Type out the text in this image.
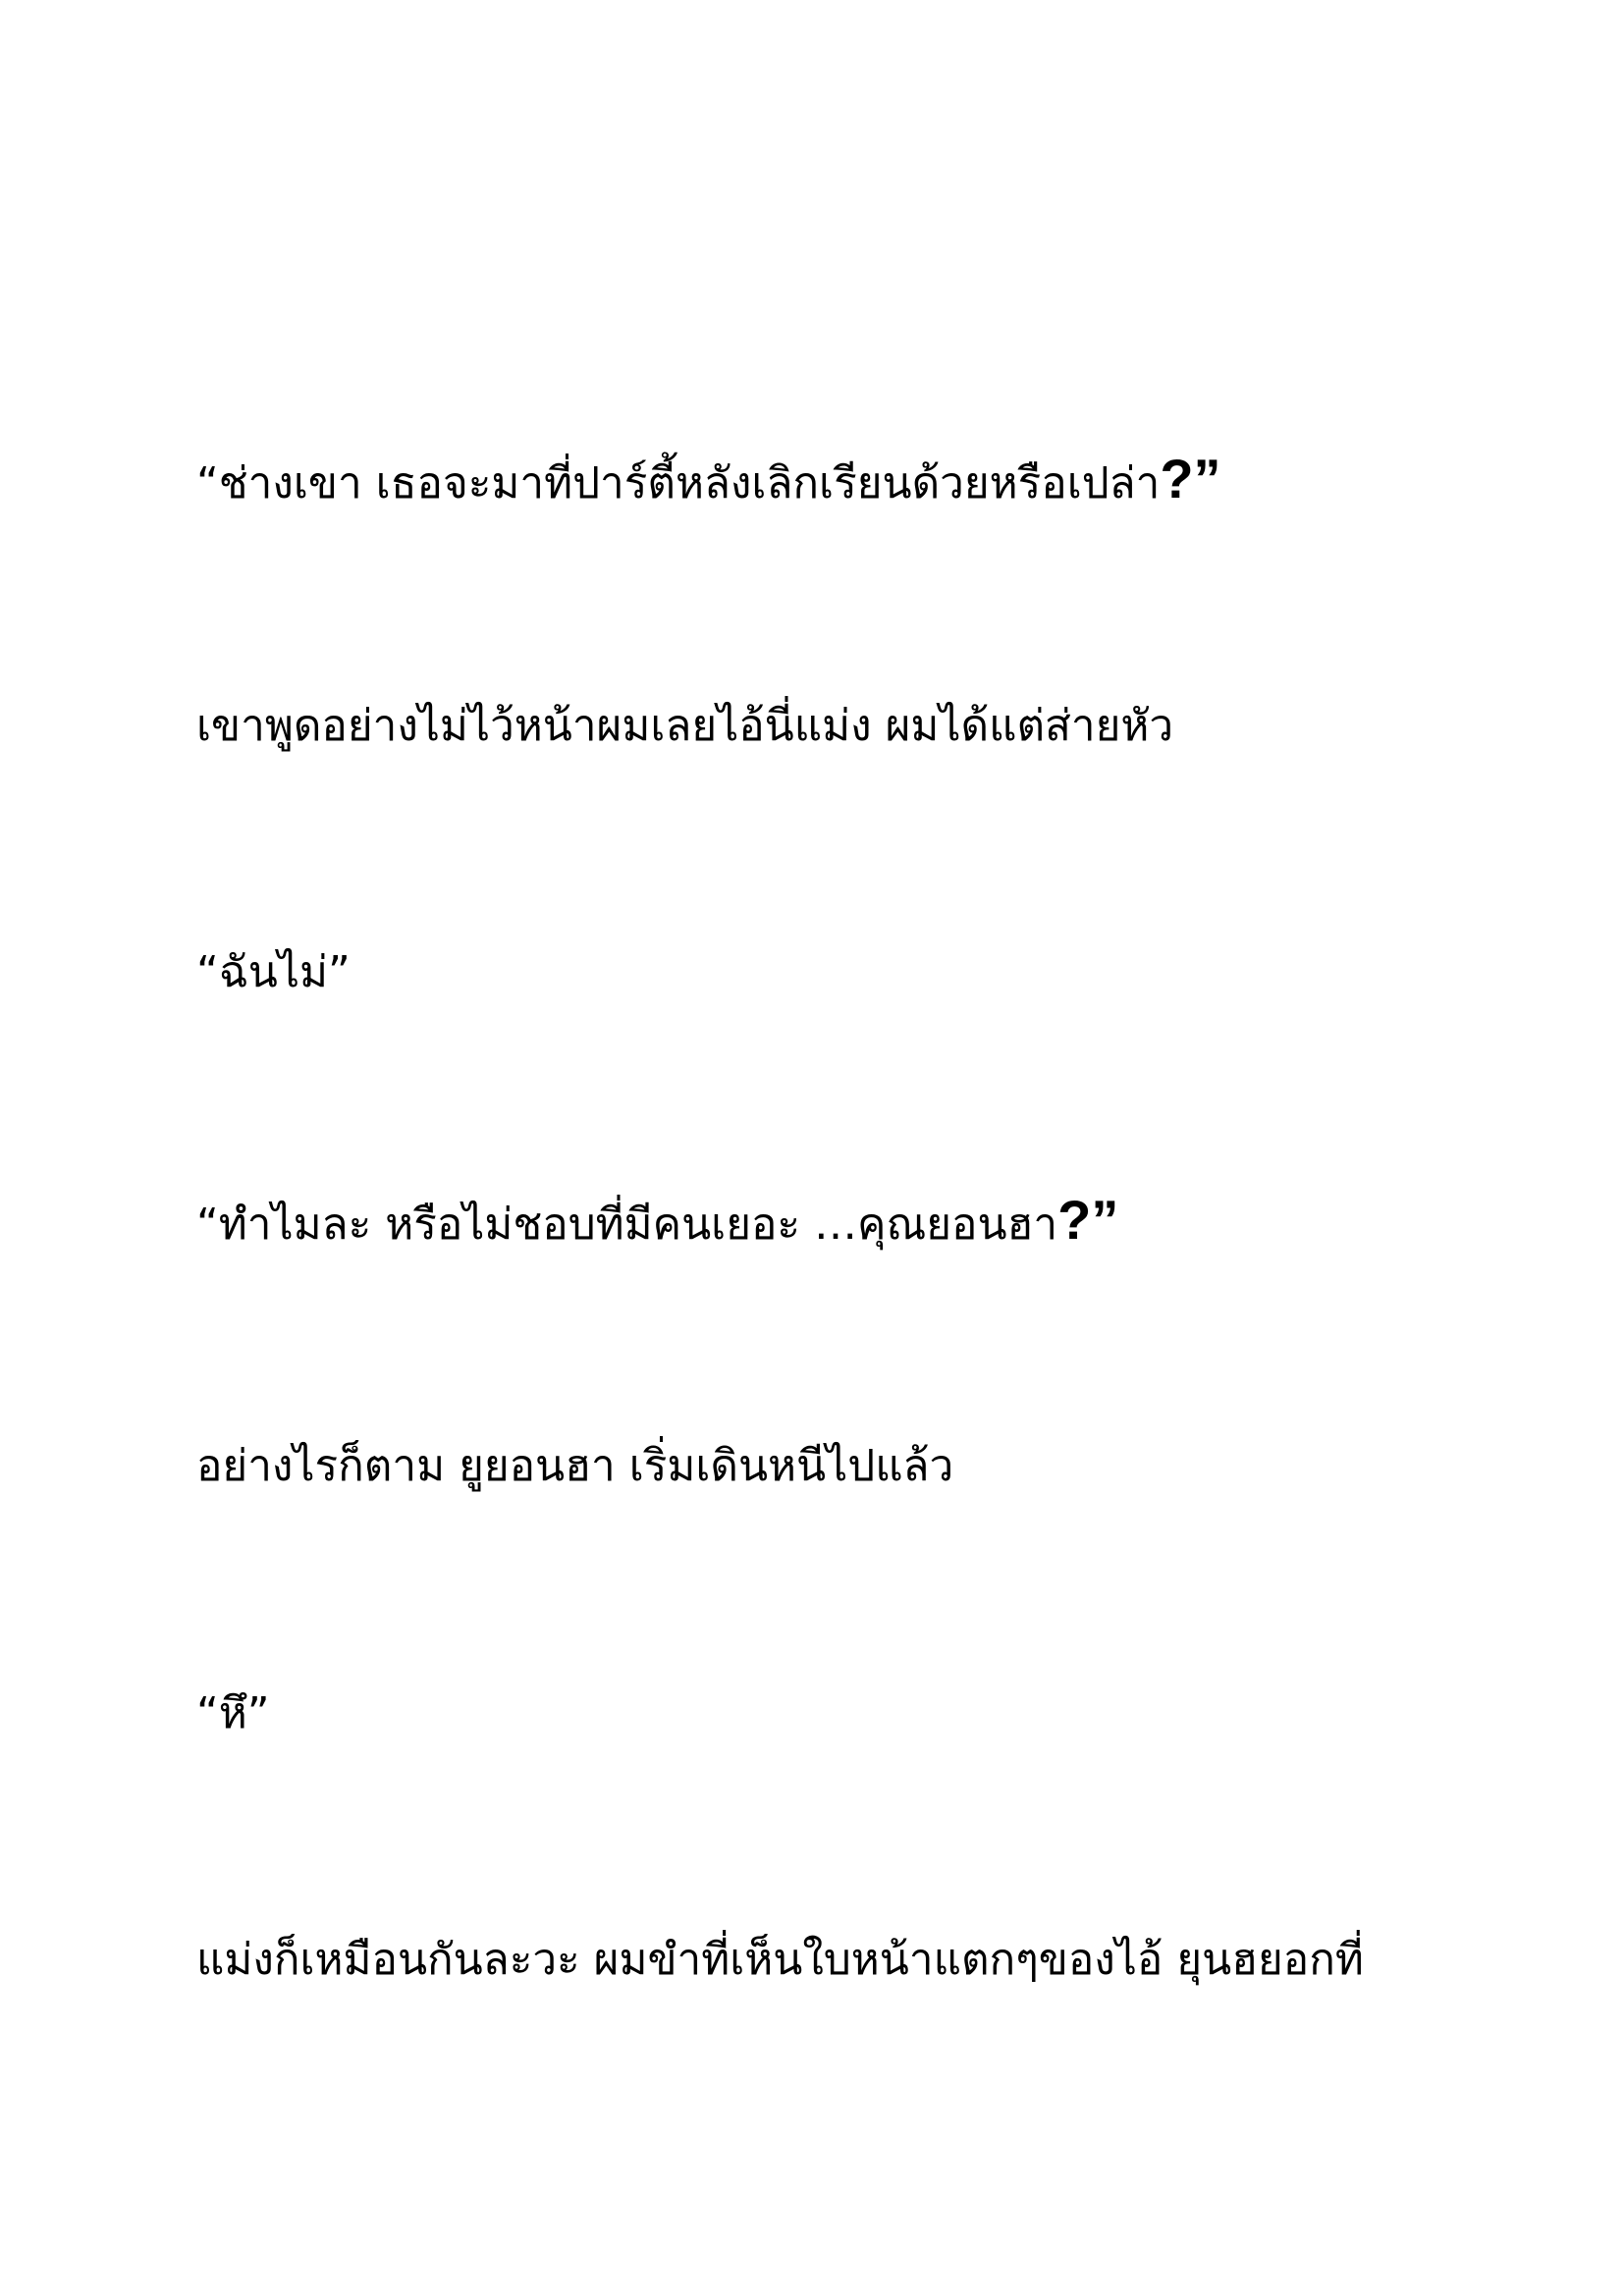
“ช่างเขา เธอจะมาที่ปาร์ตี้หลังเลิกเรียนด้วยหรือเปล่า?”

เขาพูดอย่างไม่ไว้หน้าผมเลยไอ้นี่แม่ง ผมได้แต่ส่ายหัว

“ฉันไม่”

“ทำไมละ หรือไม่ชอบที่มีคนเยอะ …คุณยอนฮา?”

อย่างไรก็ตาม ยูยอนฮา เริ่มเดินหนีไปแล้ว

“หึ”

แม่งก็เหมือนกันละวะ ผมขำที่เห็นใบหน้าแตกๆของไอ้ ยุนฮยอกที่
